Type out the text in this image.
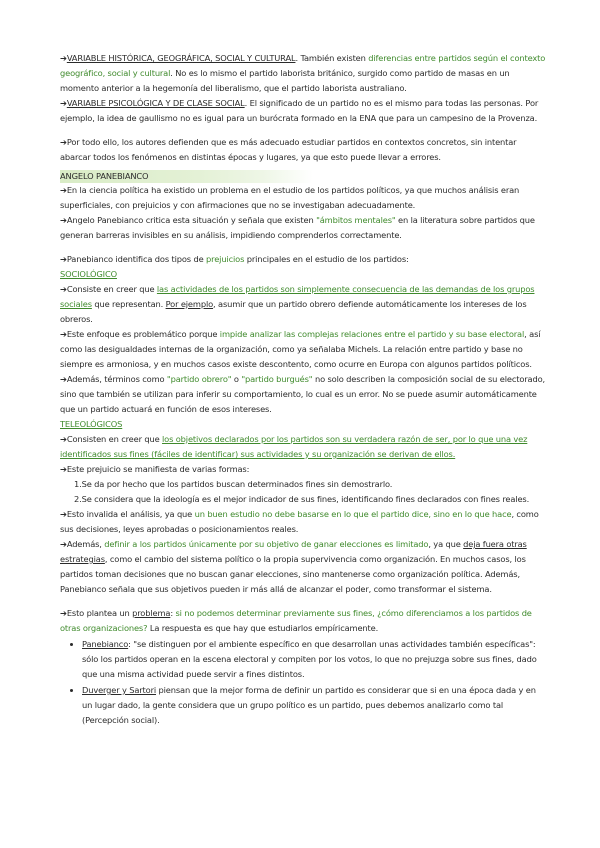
➔VARIABLE HISTÓRICA, GEOGRÁFICA, SOCIAL Y CULTURAL. También existen diferencias entre partidos según el contexto geográfico, social y cultural. No es lo mismo el partido laborista británico, surgido como partido de masas en un momento anterior a la hegemonía del liberalismo, que el partido laborista australiano.

➔VARIABLE PSICOLÓGICA Y DE CLASE SOCIAL. El significado de un partido no es el mismo para todas las personas. Por ejemplo, la idea de gaullismo no es igual para un burócrata formado en la ENA que para un campesino de la Provenza.

➔Por todo ello, los autores defienden que es más adecuado estudiar partidos en contextos concretos, sin intentar abarcar todos los fenómenos en distintas épocas y lugares, ya que esto puede llevar a errores.

ANGELO PANEBIANCO

➔En la ciencia política ha existido un problema en el estudio de los partidos políticos, ya que muchos análisis eran superficiales, con prejuicios y con afirmaciones que no se investigaban adecuadamente.

➔Angelo Panebianco critica esta situación y señala que existen "ámbitos mentales" en la literatura sobre partidos que generan barreras invisibles en su análisis, impidiendo comprenderlos correctamente.

➔Panebianco identifica dos tipos de prejuicios principales en el estudio de los partidos:

SOCIOLÓGICO

➔Consiste en creer que las actividades de los partidos son simplemente consecuencia de las demandas de los grupos sociales que representan. Por ejemplo, asumir que un partido obrero defiende automáticamente los intereses de los obreros.

➔Este enfoque es problemático porque impide analizar las complejas relaciones entre el partido y su base electoral, así como las desigualdades internas de la organización, como ya señalaba Michels. La relación entre partido y base no siempre es armoniosa, y en muchos casos existe descontento, como ocurre en Europa con algunos partidos políticos.

➔Además, términos como "partido obrero" o "partido burgués" no solo describen la composición social de su electorado, sino que también se utilizan para inferir su comportamiento, lo cual es un error. No se puede asumir automáticamente que un partido actuará en función de esos intereses.

TELEOLÓGICOS

➔Consisten en creer que los objetivos declarados por los partidos son su verdadera razón de ser, por lo que una vez identificados sus fines (fáciles de identificar) sus actividades y su organización se derivan de ellos.

➔Este prejuicio se manifiesta de varias formas:

1.Se da por hecho que los partidos buscan determinados fines sin demostrarlo.

2.Se considera que la ideología es el mejor indicador de sus fines, identificando fines declarados con fines reales.

➔Esto invalida el análisis, ya que un buen estudio no debe basarse en lo que el partido dice, sino en lo que hace, como sus decisiones, leyes aprobadas o posicionamientos reales.

➔Además, definir a los partidos únicamente por su objetivo de ganar elecciones es limitado, ya que deja fuera otras estrategias, como el cambio del sistema político o la propia supervivencia como organización. En muchos casos, los partidos toman decisiones que no buscan ganar elecciones, sino mantenerse como organización política. Además, Panebianco señala que sus objetivos pueden ir más allá de alcanzar el poder, como transformar el sistema.

➔Esto plantea un problema: si no podemos determinar previamente sus fines, ¿cómo diferenciamos a los partidos de otras organizaciones? La respuesta es que hay que estudiarlos empíricamente.

• Panebianco: "se distinguen por el ambiente específico en que desarrollan unas actividades también específicas": sólo los partidos operan en la escena electoral y compiten por los votos, lo que no prejuzga sobre sus fines, dado que una misma actividad puede servir a fines distintos.
• Duverger y Sartori piensan que la mejor forma de definir un partido es considerar que si en una época dada y en un lugar dado, la gente considera que un grupo político es un partido, pues debemos analizarlo como tal (Percepción social).
